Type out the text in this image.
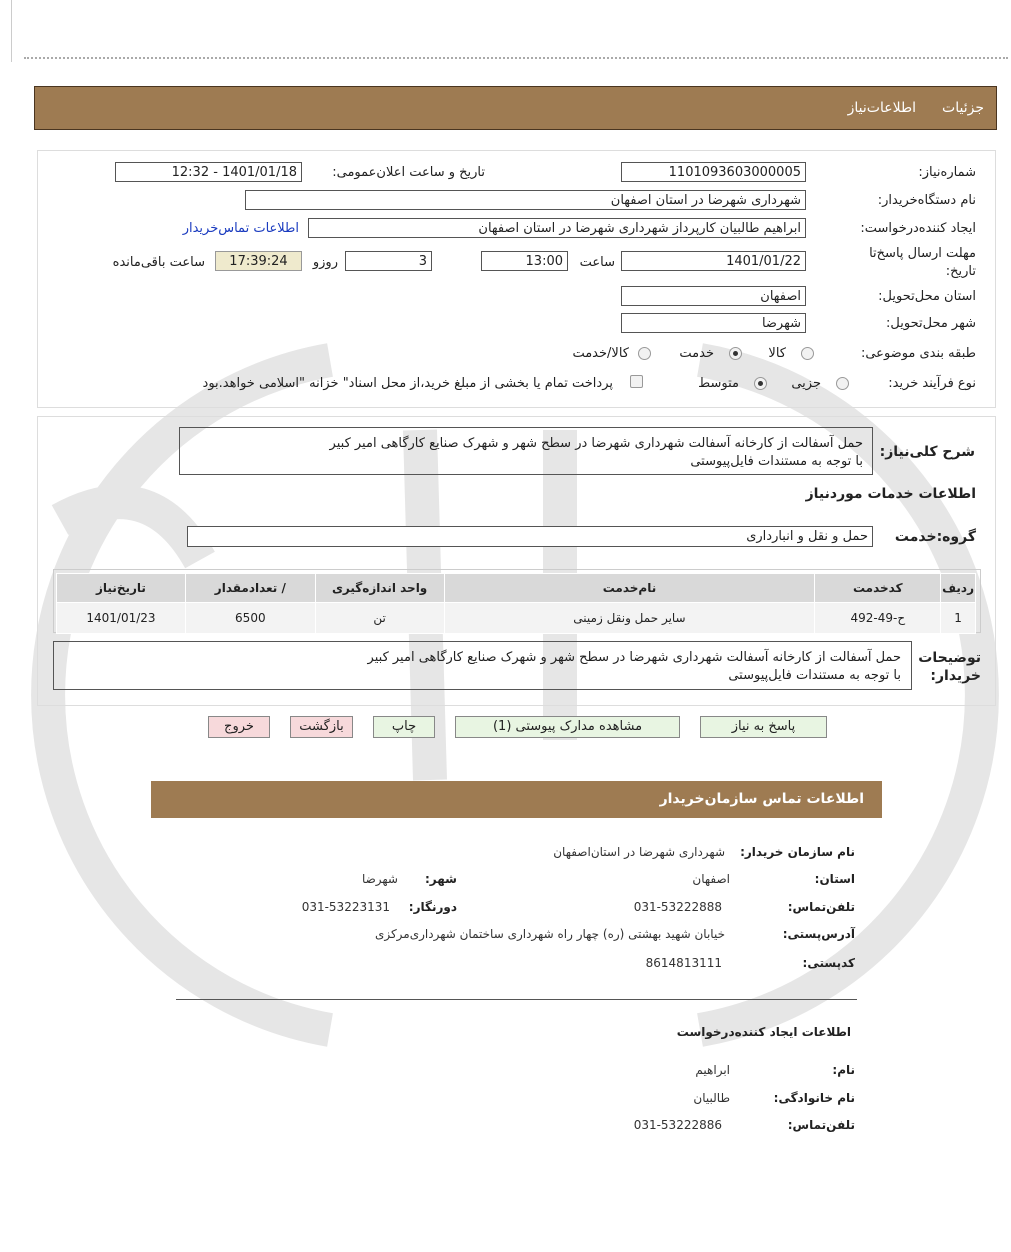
جزئیات
اطلاعات‌نیاز
شماره‌نیاز:
1101093603000005
تاریخ و ساعت اعلان‌عمومی:
1401/01/18 - 12:32
نام دستگاه‌خریدار:
شهرداری شهرضا در استان اصفهان
ایجاد کننده‌درخواست:
ابراهیم طالبیان کارپرداز شهرداری شهرضا در استان اصفهان
اطلاعات تماس‌خریدار
مهلت ارسال پاسخ‌تا
تاریخ:
1401/01/22
ساعت
13:00
3
روزو
17:39:24
ساعت باقی‌مانده
استان محل‌تحویل:
اصفهان
شهر محل‌تحویل:
شهرضا
طبقه بندی موضوعی:
کالا
خدمت
کالا/خدمت
نوع فرآیند خرید:
جزیی
متوسط
پرداخت تمام یا بخشی از مبلغ خرید،از محل اسناد" خزانه "اسلامی خواهد.بود
شرح کلی‌نیاز:
حمل آسفالت از کارخانه آسفالت شهرداری شهرضا در سطح شهر و شهرک صنایع کارگاهی امیر کبیر
با توجه به مستندات فایل‌پیوستی
اطلاعات خدمات موردنیاز
گروه:خدمت
حمل و نقل و انبارداری
ردیف	کدخدمت	نام‌خدمت	واحد اندازه‌گیری	/ تعدادمقدار	تاریخ‌نیاز
1	ح-49-492	سایر حمل ونقل زمینی	تن	6500	1401/01/23
توضیحات
خریدار:
حمل آسفالت از کارخانه آسفالت شهرداری شهرضا در سطح شهر و شهرک صنایع کارگاهی امیر کبیر
با توجه به مستندات فایل‌پیوستی
پاسخ به نیاز
مشاهده مدارک پیوستی (1)
چاپ
بازگشت
خروج
اطلاعات تماس سازمان‌خریدار
نام سازمان خریدار:
شهرداری شهرضا در استان‌اصفهان
استان:
اصفهان
شهر:
شهرضا
تلفن‌تماس:
031-53222888
دورنگار:
031-53223131
آدرس‌پستی:
خیابان شهید بهشتی (ره) چهار راه شهرداری ساختمان شهرداری‌مرکزی
کدپستی:
8614813111
اطلاعات ایجاد کننده‌درخواست
نام:
ابراهیم
نام خانوادگی:
طالبیان
تلفن‌تماس:
031-53222886
